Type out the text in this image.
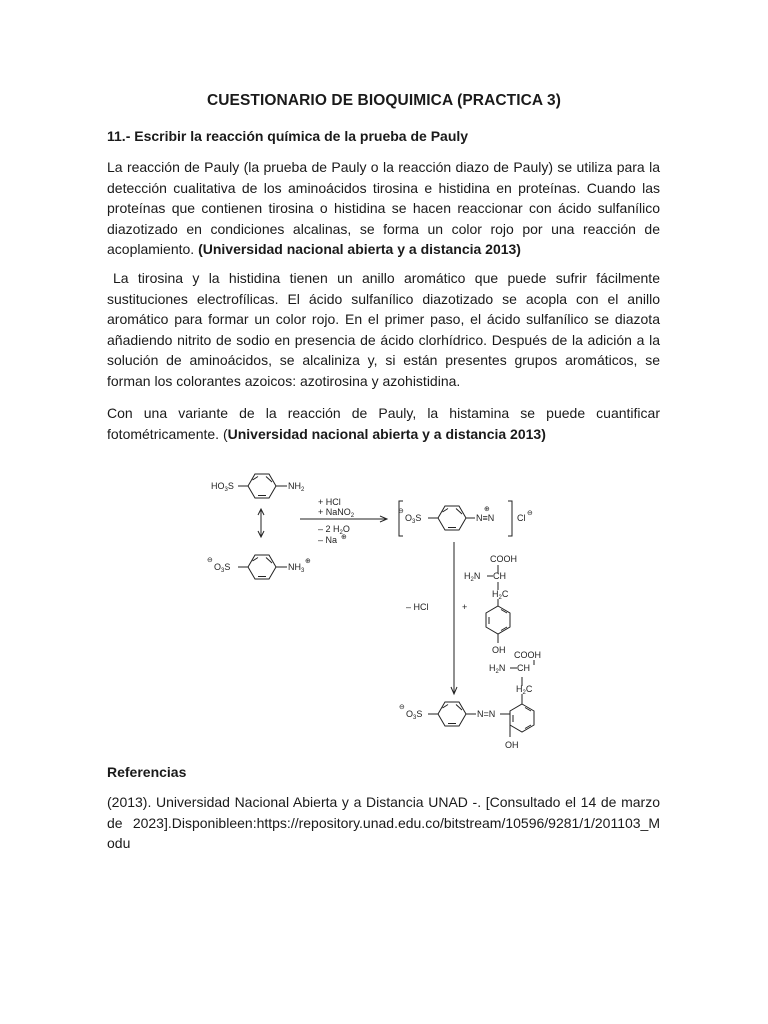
CUESTIONARIO DE BIOQUIMICA (PRACTICA 3)
11.- Escribir la reacción química de la prueba de Pauly

La reacción de Pauly (la prueba de Pauly o la reacción diazo de Pauly) se utiliza para la detección cualitativa de los aminoácidos tirosina e histidina en proteínas. Cuando las proteínas que contienen tirosina o histidina se hacen reaccionar con ácido sulfanílico diazotizado en condiciones alcalinas, se forma un color rojo por una reacción de acoplamiento. (Universidad nacional abierta y a distancia 2013)

La tirosina y la histidina tienen un anillo aromático que puede sufrir fácilmente sustituciones electrofílicas. El ácido sulfanílico diazotizado se acopla con el anillo aromático para formar un color rojo. En el primer paso, el ácido sulfanílico se diazota añadiendo nitrito de sodio en presencia de ácido clorhídrico. Después de la adición a la solución de aminoácidos, se alcaliniza y, si están presentes grupos aromáticos, se forman los colorantes azoicos: azotirosina y azohistidina.

Con una variante de la reacción de Pauly, la histamina se puede cuantificar fotométricamente. (Universidad nacional abierta y a distancia 2013)

$HO_3S$	$NH_2$
⊖
$O_3S$	$NH_3$
⊕
+ HCl
+ NaNO$_2$
– 2 $H_2O$
– Na ⊕
⊖
$O_3S$	N≡N
⊕
Cl ⊖
COOH
$H_2N$ CH
$H_2C$
OH
– HCl	+
COOH
$H_2N$ CH
$H_2C$
⊖
$O_3S$	N=N
OH
Referencias

(2013). Universidad Nacional Abierta y a Distancia UNAD -. [Consultado el 14 de marzo de 2023].Disponibleen:https://repository.unad.edu.co/bitstream/10596/9281/1/201103_Modu
